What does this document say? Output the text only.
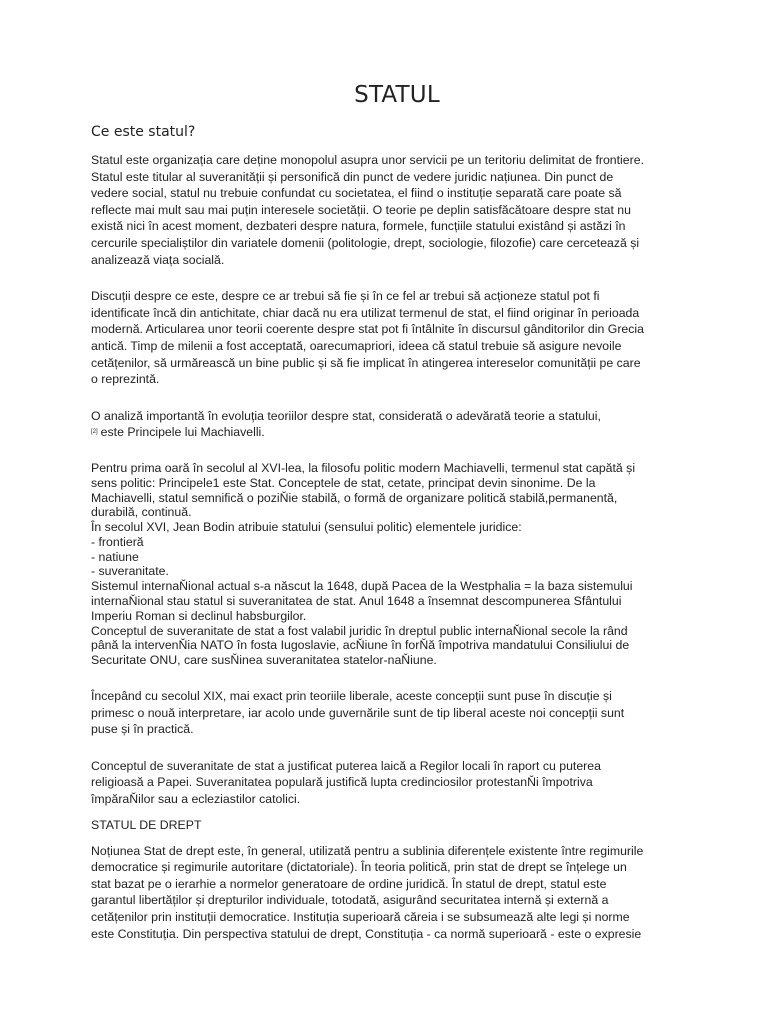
STATUL
Ce este statul?

Statul este organizația care deține monopolul asupra unor servicii pe un teritoriu delimitat de frontiere.
Statul este titular al suveranității și personifică din punct de vedere juridic națiunea. Din punct de
vedere social, statul nu trebuie confundat cu societatea, el fiind o instituție separată care poate să
reflecte mai mult sau mai puțin interesele societății. O teorie pe deplin satisfăcătoare despre stat nu
există nici în acest moment, dezbateri despre natura, formele, funcțiile statului existând și astăzi în
cercurile specialiștilor din variatele domenii (politologie, drept, sociologie, filozofie) care cercetează și
analizează viața socială.

Discuții despre ce este, despre ce ar trebui să fie și în ce fel ar trebui să acționeze statul pot fi
identificate încă din antichitate, chiar dacă nu era utilizat termenul de stat, el fiind originar în perioada
modernă. Articularea unor teorii coerente despre stat pot fi întâlnite în discursul gânditorilor din Grecia
antică. Timp de milenii a fost acceptată, oarecumapriori, ideea că statul trebuie să asigure nevoile
cetățenilor, să urmărească un bine public și să fie implicat în atingerea intereselor comunității pe care
o reprezintă.

O analiză importantă în evoluția teoriilor despre stat, considerată o adevărată teorie a statului,
[2] este Principele lui Machiavelli.

Pentru prima oară în secolul al XVI-lea, la filosofu politic modern Machiavelli, termenul stat capătă și
sens politic: Principele1 este Stat. Conceptele de stat, cetate, principat devin sinonime. De la
Machiavelli, statul semnifică o poziŇie stabilă, o formă de organizare politică stabilă,permanentă,
durabilă, continuă.
În secolul XVI, Jean Bodin atribuie statului (sensului politic) elementele juridice:
- frontieră
- natiune
- suveranitate.
Sistemul internaŇional actual s-a născut la 1648, după Pacea de la Westphalia = la baza sistemului
internaŇional stau statul si suveranitatea de stat. Anul 1648 a însemnat descompunerea Sfântului
Imperiu Roman si declinul habsburgilor.
Conceptul de suveranitate de stat a fost valabil juridic în dreptul public internaŇional secole la rând
până la intervenŇia NATO în fosta Iugoslavie, acŇiune în forŇă împotriva mandatului Consiliului de
Securitate ONU, care susŇinea suveranitatea statelor-naŇiune.

Începând cu secolul XIX, mai exact prin teoriile liberale, aceste concepții sunt puse în discuție și
primesc o nouă interpretare, iar acolo unde guvernările sunt de tip liberal aceste noi concepții sunt
puse și în practică.

Conceptul de suveranitate de stat a justificat puterea laică a Regilor locali în raport cu puterea
religioasă a Papei. Suveranitatea populară justifică lupta credinciosilor protestanŇi împotriva
împăraŇilor sau a ecleziastilor catolici.

STATUL DE DREPT

Noțiunea Stat de drept este, în general, utilizată pentru a sublinia diferențele existente între regimurile
democratice și regimurile autoritare (dictatoriale). În teoria politică, prin stat de drept se înțelege un
stat bazat pe o ierarhie a normelor generatoare de ordine juridică. În statul de drept, statul este
garantul libertăților și drepturilor individuale, totodată, asigurând securitatea internă și externă a
cetățenilor prin instituții democratice. Instituția superioară căreia i se subsumează alte legi și norme
este Constituția. Din perspectiva statului de drept, Constituția - ca normă superioară - este o expresie
